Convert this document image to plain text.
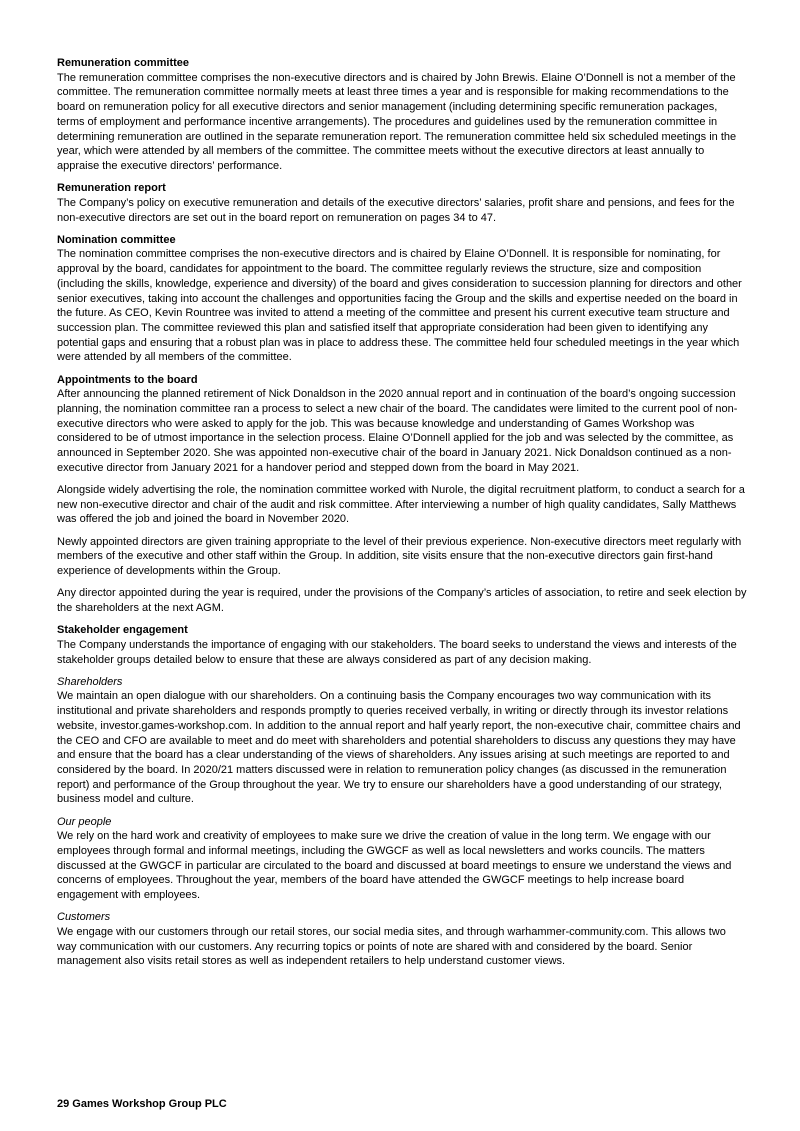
Remuneration committee

The remuneration committee comprises the non-executive directors and is chaired by John Brewis. Elaine O’Donnell is not a member of the committee. The remuneration committee normally meets at least three times a year and is responsible for making recommendations to the board on remuneration policy for all executive directors and senior management (including determining specific remuneration packages, terms of employment and performance incentive arrangements). The procedures and guidelines used by the remuneration committee in determining remuneration are outlined in the separate remuneration report. The remuneration committee held six scheduled meetings in the year, which were attended by all members of the committee. The committee meets without the executive directors at least annually to appraise the executive directors’ performance.

Remuneration report

The Company’s policy on executive remuneration and details of the executive directors’ salaries, profit share and pensions, and fees for the non-executive directors are set out in the board report on remuneration on pages 34 to 47.

Nomination committee

The nomination committee comprises the non-executive directors and is chaired by Elaine O’Donnell. It is responsible for nominating, for approval by the board, candidates for appointment to the board. The committee regularly reviews the structure, size and composition (including the skills, knowledge, experience and diversity) of the board and gives consideration to succession planning for directors and other senior executives, taking into account the challenges and opportunities facing the Group and the skills and expertise needed on the board in the future. As CEO, Kevin Rountree was invited to attend a meeting of the committee and present his current executive team structure and succession plan. The committee reviewed this plan and satisfied itself that appropriate consideration had been given to identifying any potential gaps and ensuring that a robust plan was in place to address these. The committee held four scheduled meetings in the year which were attended by all members of the committee.

Appointments to the board

After announcing the planned retirement of Nick Donaldson in the 2020 annual report and in continuation of the board’s ongoing succession planning, the nomination committee ran a process to select a new chair of the board. The candidates were limited to the current pool of non-executive directors who were asked to apply for the job. This was because knowledge and understanding of Games Workshop was considered to be of utmost importance in the selection process. Elaine O’Donnell applied for the job and was selected by the committee, as announced in September 2020. She was appointed non-executive chair of the board in January 2021. Nick Donaldson continued as a non-executive director from January 2021 for a handover period and stepped down from the board in May 2021.

Alongside widely advertising the role, the nomination committee worked with Nurole, the digital recruitment platform, to conduct a search for a new non-executive director and chair of the audit and risk committee. After interviewing a number of high quality candidates, Sally Matthews was offered the job and joined the board in November 2020.

Newly appointed directors are given training appropriate to the level of their previous experience. Non-executive directors meet regularly with members of the executive and other staff within the Group. In addition, site visits ensure that the non-executive directors gain first-hand experience of developments within the Group.

Any director appointed during the year is required, under the provisions of the Company’s articles of association, to retire and seek election by the shareholders at the next AGM.

Stakeholder engagement

The Company understands the importance of engaging with our stakeholders. The board seeks to understand the views and interests of the stakeholder groups detailed below to ensure that these are always considered as part of any decision making.

Shareholders

We maintain an open dialogue with our shareholders. On a continuing basis the Company encourages two way communication with its institutional and private shareholders and responds promptly to queries received verbally, in writing or directly through its investor relations website, investor.games-workshop.com. In addition to the annual report and half yearly report, the non-executive chair, committee chairs and the CEO and CFO are available to meet and do meet with shareholders and potential shareholders to discuss any questions they may have and ensure that the board has a clear understanding of the views of shareholders. Any issues arising at such meetings are reported to and considered by the board. In 2020/21 matters discussed were in relation to remuneration policy changes (as discussed in the remuneration report) and performance of the Group throughout the year. We try to ensure our shareholders have a good understanding of our strategy, business model and culture.

Our people

We rely on the hard work and creativity of employees to make sure we drive the creation of value in the long term. We engage with our employees through formal and informal meetings, including the GWGCF as well as local newsletters and works councils. The matters discussed at the GWGCF in particular are circulated to the board and discussed at board meetings to ensure we understand the views and concerns of employees. Throughout the year, members of the board have attended the GWGCF meetings to help increase board engagement with employees.

Customers

We engage with our customers through our retail stores, our social media sites, and through warhammer-community.com. This allows two way communication with our customers. Any recurring topics or points of note are shared with and considered by the board. Senior management also visits retail stores as well as independent retailers to help understand customer views.

29 Games Workshop Group PLC
